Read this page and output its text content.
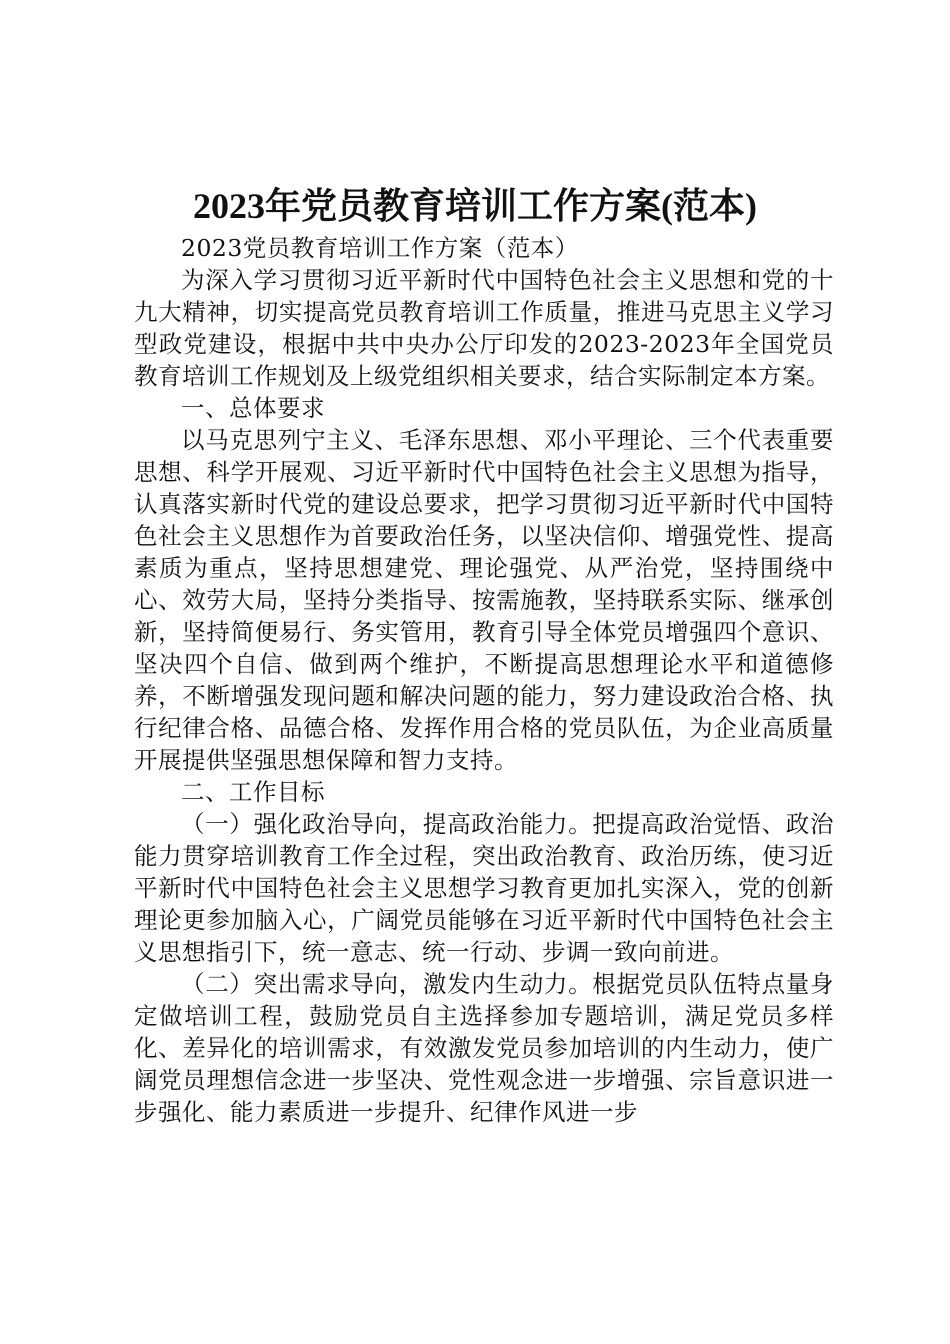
2023年党员教育培训工作方案(范本)

2023党员教育培训工作方案（范本）

为深入学习贯彻习近平新时代中国特色社会主义思想和党的十九大精神，切实提高党员教育培训工作质量，推进马克思主义学习型政党建设，根据中共中央办公厅印发的2023-2023年全国党员教育培训工作规划及上级党组织相关要求，结合实际制定本方案。

一、总体要求

以马克思列宁主义、毛泽东思想、邓小平理论、三个代表重要思想、科学开展观、习近平新时代中国特色社会主义思想为指导，认真落实新时代党的建设总要求，把学习贯彻习近平新时代中国特色社会主义思想作为首要政治任务，以坚决信仰、增强党性、提高素质为重点，坚持思想建党、理论强党、从严治党，坚持围绕中心、效劳大局，坚持分类指导、按需施教，坚持联系实际、继承创新，坚持简便易行、务实管用，教育引导全体党员增强四个意识、坚决四个自信、做到两个维护，不断提高思想理论水平和道德修养，不断增强发现问题和解决问题的能力，努力建设政治合格、执行纪律合格、品德合格、发挥作用合格的党员队伍，为企业高质量开展提供坚强思想保障和智力支持。

二、工作目标

（一）强化政治导向，提高政治能力。把提高政治觉悟、政治能力贯穿培训教育工作全过程，突出政治教育、政治历练，使习近平新时代中国特色社会主义思想学习教育更加扎实深入，党的创新理论更参加脑入心，广阔党员能够在习近平新时代中国特色社会主义思想指引下，统一意志、统一行动、步调一致向前进。

（二）突出需求导向，激发内生动力。根据党员队伍特点量身定做培训工程，鼓励党员自主选择参加专题培训，满足党员多样化、差异化的培训需求，有效激发党员参加培训的内生动力，使广阔党员理想信念进一步坚决、党性观念进一步增强、宗旨意识进一步强化、能力素质进一步提升、纪律作风进一步
